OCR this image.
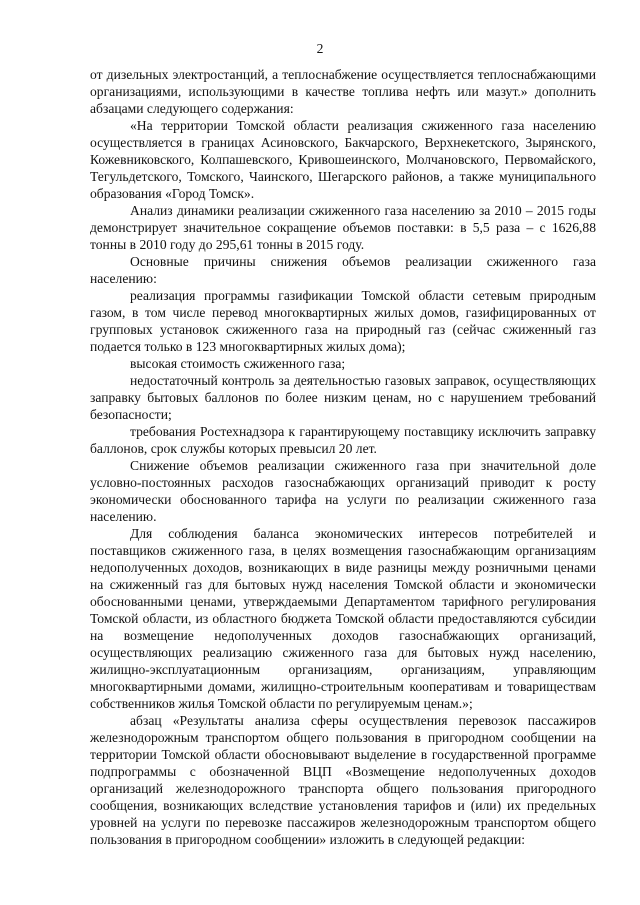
2

от дизельных электростанций, а теплоснабжение осуществляется теплоснабжающими организациями, использующими в качестве топлива нефть или мазут.» дополнить абзацами следующего содержания:

«На территории Томской области реализация сжиженного газа населению осуществляется в границах Асиновского, Бакчарского, Верхнекетского, Зырянского, Кожевниковского, Колпашевского, Кривошеинского, Молчановского, Первомайского, Тегульдетского, Томского, Чаинского, Шегарского районов, а также муниципального образования «Город Томск».

Анализ динамики реализации сжиженного газа населению за 2010 – 2015 годы демонстрирует значительное сокращение объемов поставки: в 5,5 раза – с 1626,88 тонны в 2010 году до 295,61 тонны в 2015 году.

Основные причины снижения объемов реализации сжиженного газа населению:

реализация программы газификации Томской области сетевым природным газом, в том числе перевод многоквартирных жилых домов, газифицированных от групповых установок сжиженного газа на природный газ (сейчас сжиженный газ подается только в 123 многоквартирных жилых дома);

высокая стоимость сжиженного газа;

недостаточный контроль за деятельностью газовых заправок, осуществляющих заправку бытовых баллонов по более низким ценам, но с нарушением требований безопасности;

требования Ростехнадзора к гарантирующему поставщику исключить заправку баллонов, срок службы которых превысил 20 лет.

Снижение объемов реализации сжиженного газа при значительной доле условно-постоянных расходов газоснабжающих организаций приводит к росту экономически обоснованного тарифа на услуги по реализации сжиженного газа населению.

Для соблюдения баланса экономических интересов потребителей и поставщиков сжиженного газа, в целях возмещения газоснабжающим организациям недополученных доходов, возникающих в виде разницы между розничными ценами на сжиженный газ для бытовых нужд населения Томской области и экономически обоснованными ценами, утверждаемыми Департаментом тарифного регулирования Томской области, из областного бюджета Томской области предоставляются субсидии на возмещение недополученных доходов газоснабжающих организаций, осуществляющих реализацию сжиженного газа для бытовых нужд населению, жилищно-эксплуатационным организациям, организациям, управляющим многоквартирными домами, жилищно-строительным кооперативам и товариществам собственников жилья Томской области по регулируемым ценам.»;

абзац «Результаты анализа сферы осуществления перевозок пассажиров железнодорожным транспортом общего пользования в пригородном сообщении на территории Томской области обосновывают выделение в государственной программе подпрограммы с обозначенной ВЦП «Возмещение недополученных доходов организаций железнодорожного транспорта общего пользования пригородного сообщения, возникающих вследствие установления тарифов и (или) их предельных уровней на услуги по перевозке пассажиров железнодорожным транспортом общего пользования в пригородном сообщении» изложить в следующей редакции:
